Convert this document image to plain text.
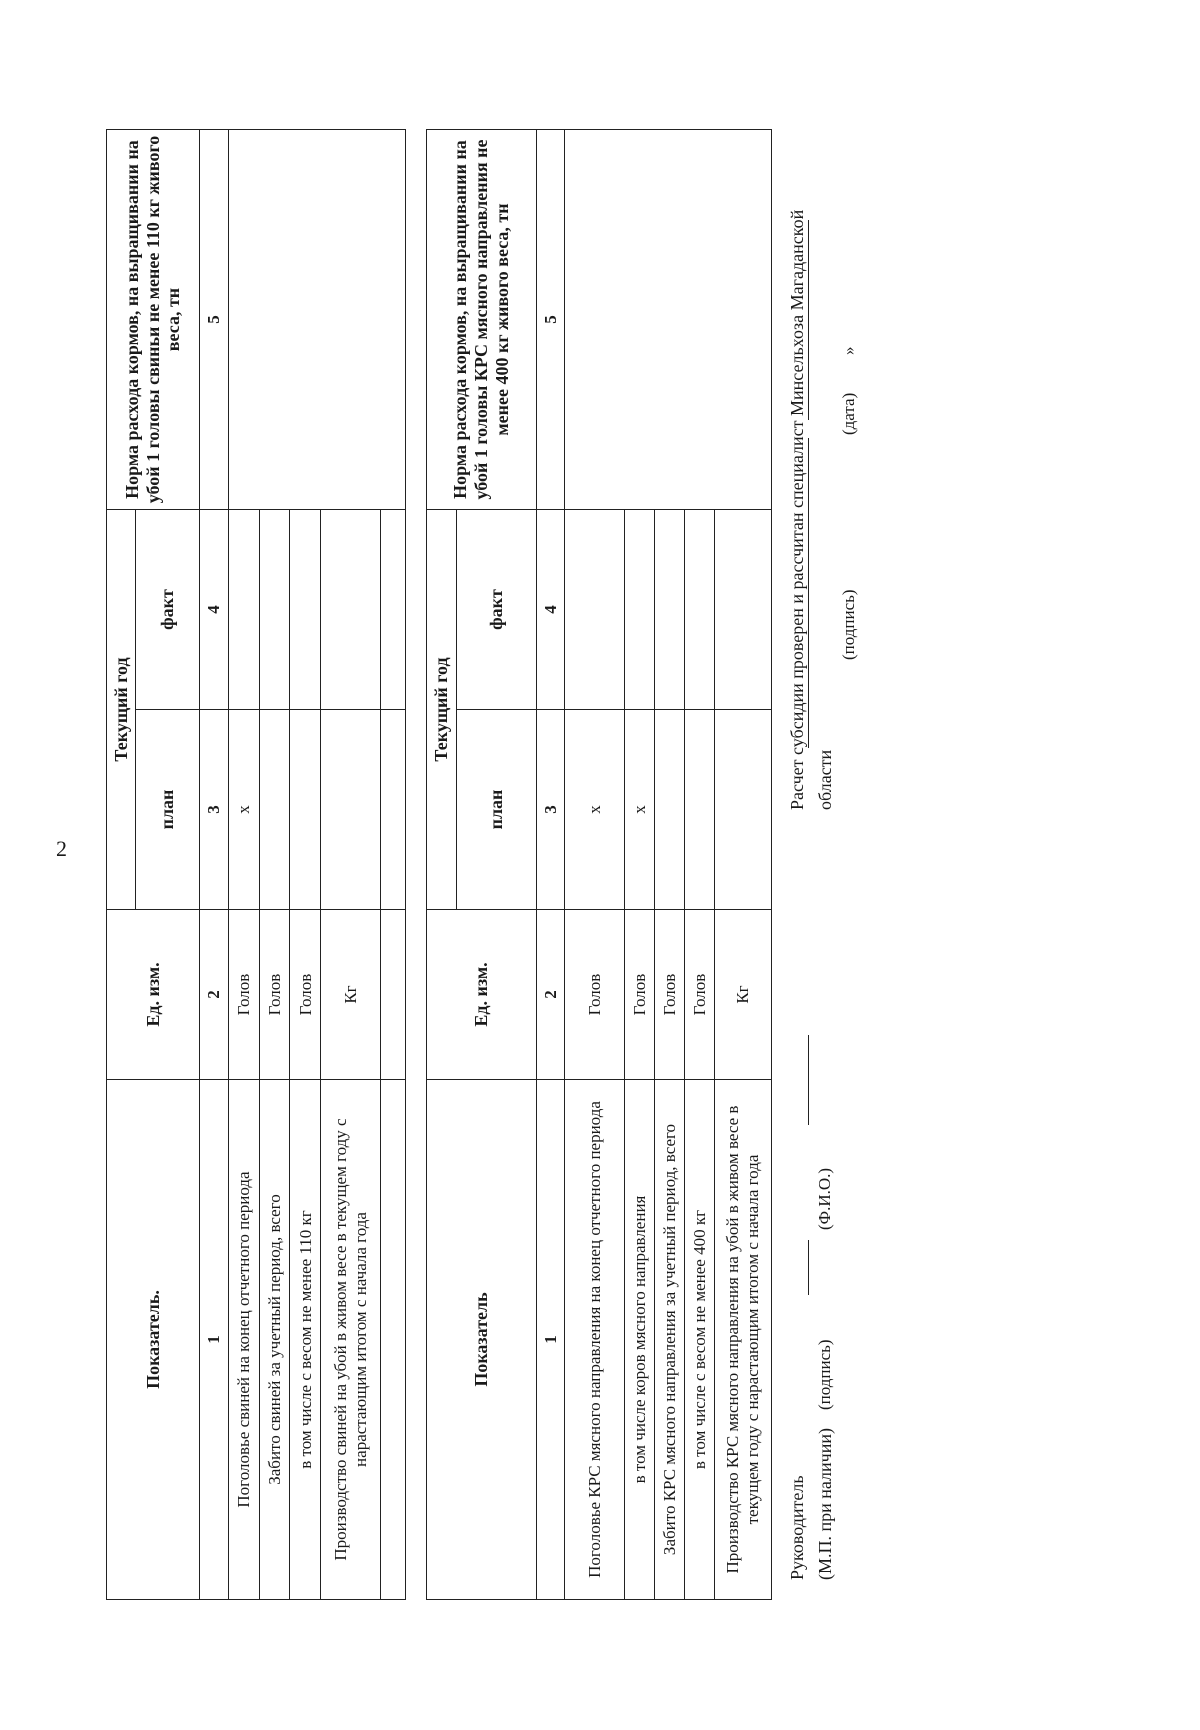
2
Показатель.	Ед. изм.	Текущий год		Норма расхода кормов, на выращивании на убой 1 головы свиньи не менее 110 кг живого веса, тн
		план	факт	
1	2	3	4	5
Поголовье свиней на конец отчетного периода	Голов	х		
Забито свиней за учетный период, всего	Голов			
в том числе с весом не менее 110 кг	Голов			
Производство свиней на убой в живом весе в текущем году с нарастающим итогом с начала года	Кг			

Показатель	Ед. изм.	Текущий год		Норма расхода кормов, на выращивании на убой 1 головы КРС мясного направления не менее 400 кг живого веса, тн
		план	факт	
1	2	3	4	5
Поголовье КРС мясного направления на конец отчетного периода	Голов	х		
в том числе коров мясного направления	Голов	х		
Забито КРС мясного направления за учетный период, всего	Голов			
в том числе с весом не менее 400 кг	Голов			
Производство КРС мясного направления на убой в живом весе в текущем году с нарастающим итогом с начала года	Кг			
Руководитель
Расчет субсидии проверен и рассчитан специалист Минсельхоза Магаданской
(М.П. при наличии)
(подпись)
(Ф.И.О.)
области
(подпись)
(дата)
»
